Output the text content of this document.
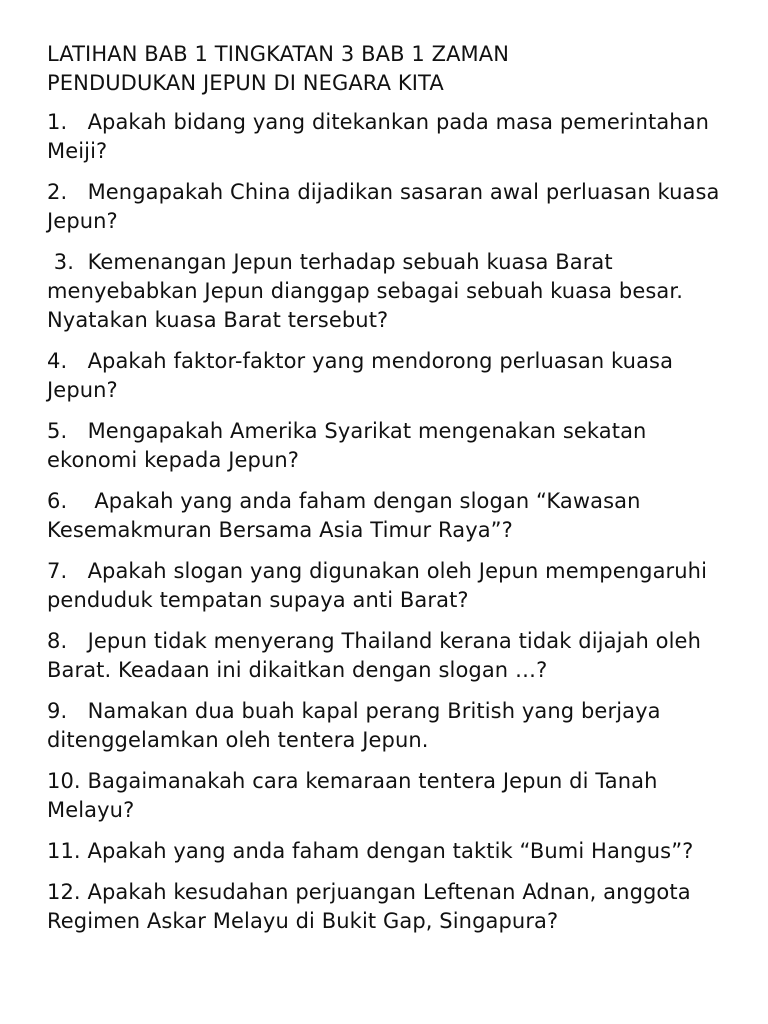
LATIHAN BAB 1 TINGKATAN 3 BAB 1 ZAMAN
PENDUDUKAN JEPUN DI NEGARA KITA
1.   Apakah bidang yang ditekankan pada masa pemerintahan Meiji?
2.   Mengapakah China dijadikan sasaran awal perluasan kuasa Jepun?
3.  Kemenangan Jepun terhadap sebuah kuasa Barat menyebabkan Jepun dianggap sebagai sebuah kuasa besar. Nyatakan kuasa Barat tersebut?
4.   Apakah faktor-faktor yang mendorong perluasan kuasa Jepun?
5.   Mengapakah Amerika Syarikat mengenakan sekatan ekonomi kepada Jepun?
6.    Apakah yang anda faham dengan slogan “Kawasan Kesemakmuran Bersama Asia Timur Raya”?
7.   Apakah slogan yang digunakan oleh Jepun mempengaruhi penduduk tempatan supaya anti Barat?
8.   Jepun tidak menyerang Thailand kerana tidak dijajah oleh Barat. Keadaan ini dikaitkan dengan slogan …?
9.   Namakan dua buah kapal perang British yang berjaya ditenggelamkan oleh tentera Jepun.
10. Bagaimanakah cara kemaraan tentera Jepun di Tanah Melayu?
11. Apakah yang anda faham dengan taktik “Bumi Hangus”?
12. Apakah kesudahan perjuangan Leftenan Adnan, anggota Regimen Askar Melayu di Bukit Gap, Singapura?
